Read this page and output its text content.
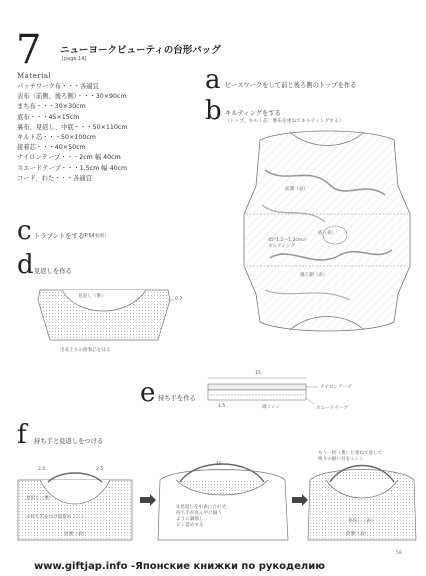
7 ニューヨークビューティの台形バッグ
[page 14]
Material
パッチワーク布・・・各適宜
表布（前側、後ろ側）・・・30×90cm
まち布・・・30×30cm
底布・・・45×15cm
裏布、見返し、中底・・・50×110cm
キルト芯・・・50×100cm
接着芯・・・40×50cm
ナイロンテープ・・・2cm 幅 40cm
スエードテープ・・・1.5cm 幅 40cm
コード、わた・・・各適宜
a ピースワークをして前と後ろ側のトップを作る
b キルティングをする
（トップ、キルト芯、裏布を重ねてキルティングする）
前側（表）
底（表）
後ろ側（表）
45°1.2〜1.2cmの
キルティング
c トラプントをする
（P.64参照）
d 見返しを作る
見返し（裏）
0.7
出来上りの接着芯をはる
e 持ち手を作る
15
ナイロンテープ
1.5	端ミシン	スエードテープ
f 持ち手と見返しをつける
2.5	2.5
見返し（裏）
①持ち手をつけ仮留めミシン
前側（表）
16
②見返しを中表に合わせ、
持ち手が真ん中に揃う
ように調節し、
ピン留めする
もう一枚（裏）と重ねて返して
残りの縫い目をミシン
見返し（表）
前側（表）
59
www.giftjap.info -Японские книжки по рукоделию
